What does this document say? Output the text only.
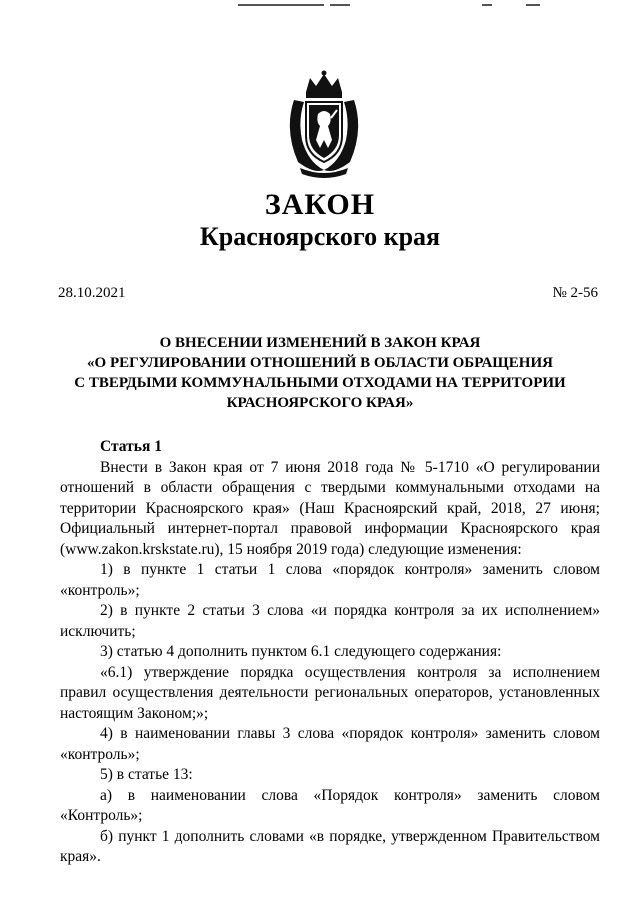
ЗАКОН
Красноярского края
28.10.2021	№ 2-56
О ВНЕСЕНИИ ИЗМЕНЕНИЙ В ЗАКОН КРАЯ
«О РЕГУЛИРОВАНИИ ОТНОШЕНИЙ В ОБЛАСТИ ОБРАЩЕНИЯ
С ТВЕРДЫМИ КОММУНАЛЬНЫМИ ОТХОДАМИ НА ТЕРРИТОРИИ
КРАСНОЯРСКОГО КРАЯ»

Статья 1

Внести в Закон края от 7 июня 2018 года № 5-1710 «О регулировании отношений в области обращения с твердыми коммунальными отходами на территории Красноярского края» (Наш Красноярский край, 2018, 27 июня; Официальный интернет-портал правовой информации Красноярского края (www.zakon.krskstate.ru), 15 ноября 2019 года) следующие изменения:

1) в пункте 1 статьи 1 слова «порядок контроля» заменить словом «контроль»;

2) в пункте 2 статьи 3 слова «и порядка контроля за их исполнением» исключить;

3) статью 4 дополнить пунктом 6.1 следующего содержания:

«6.1) утверждение порядка осуществления контроля за исполнением правил осуществления деятельности региональных операторов, установленных настоящим Законом;»;

4) в наименовании главы 3 слова «порядок контроля» заменить словом «контроль»;

5) в статье 13:

а) в наименовании слова «Порядок контроля» заменить словом «Контроль»;

б) пункт 1 дополнить словами «в порядке, утвержденном Правительством края».
